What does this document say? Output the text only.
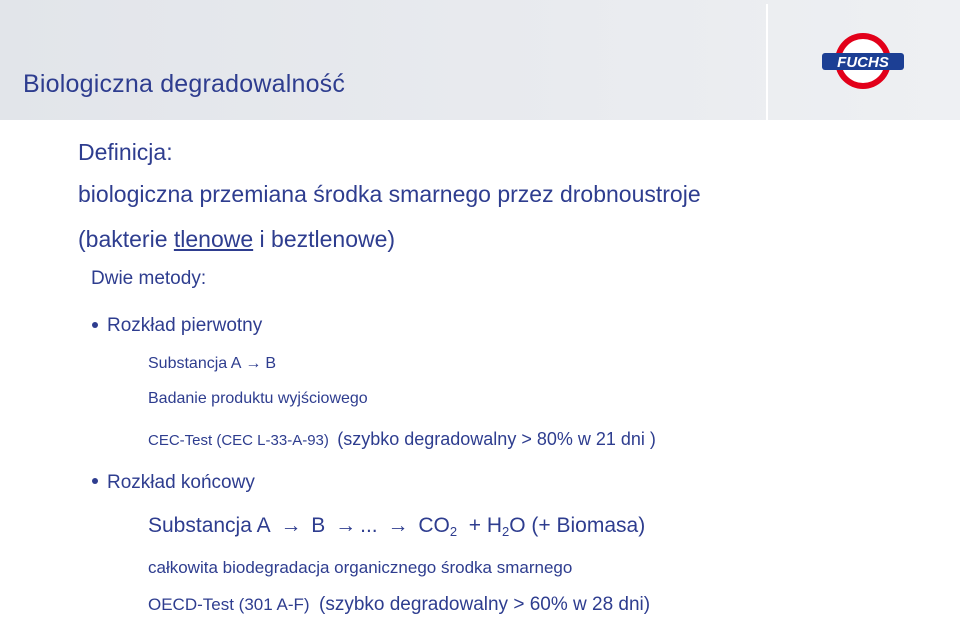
Biologiczna degradowalność
FUCHS
Definicja:
biologiczna przemiana środka smarnego przez drobnoustroje
(bakterie tlenowe i beztlenowe)
Dwie metody:
Rozkład pierwotny
Substancja A → B
Badanie produktu wyjściowego
CEC-Test (CEC L-33-A-93) (szybko degradowalny > 80% w 21 dni )
Rozkład końcowy
Substancja A → B → ... → $CO_2 + H_2O$ (+ Biomasa)
całkowita biodegradacja organicznego środka smarnego
OECD-Test (301 A-F) (szybko degradowalny > 60% w 28 dni)
